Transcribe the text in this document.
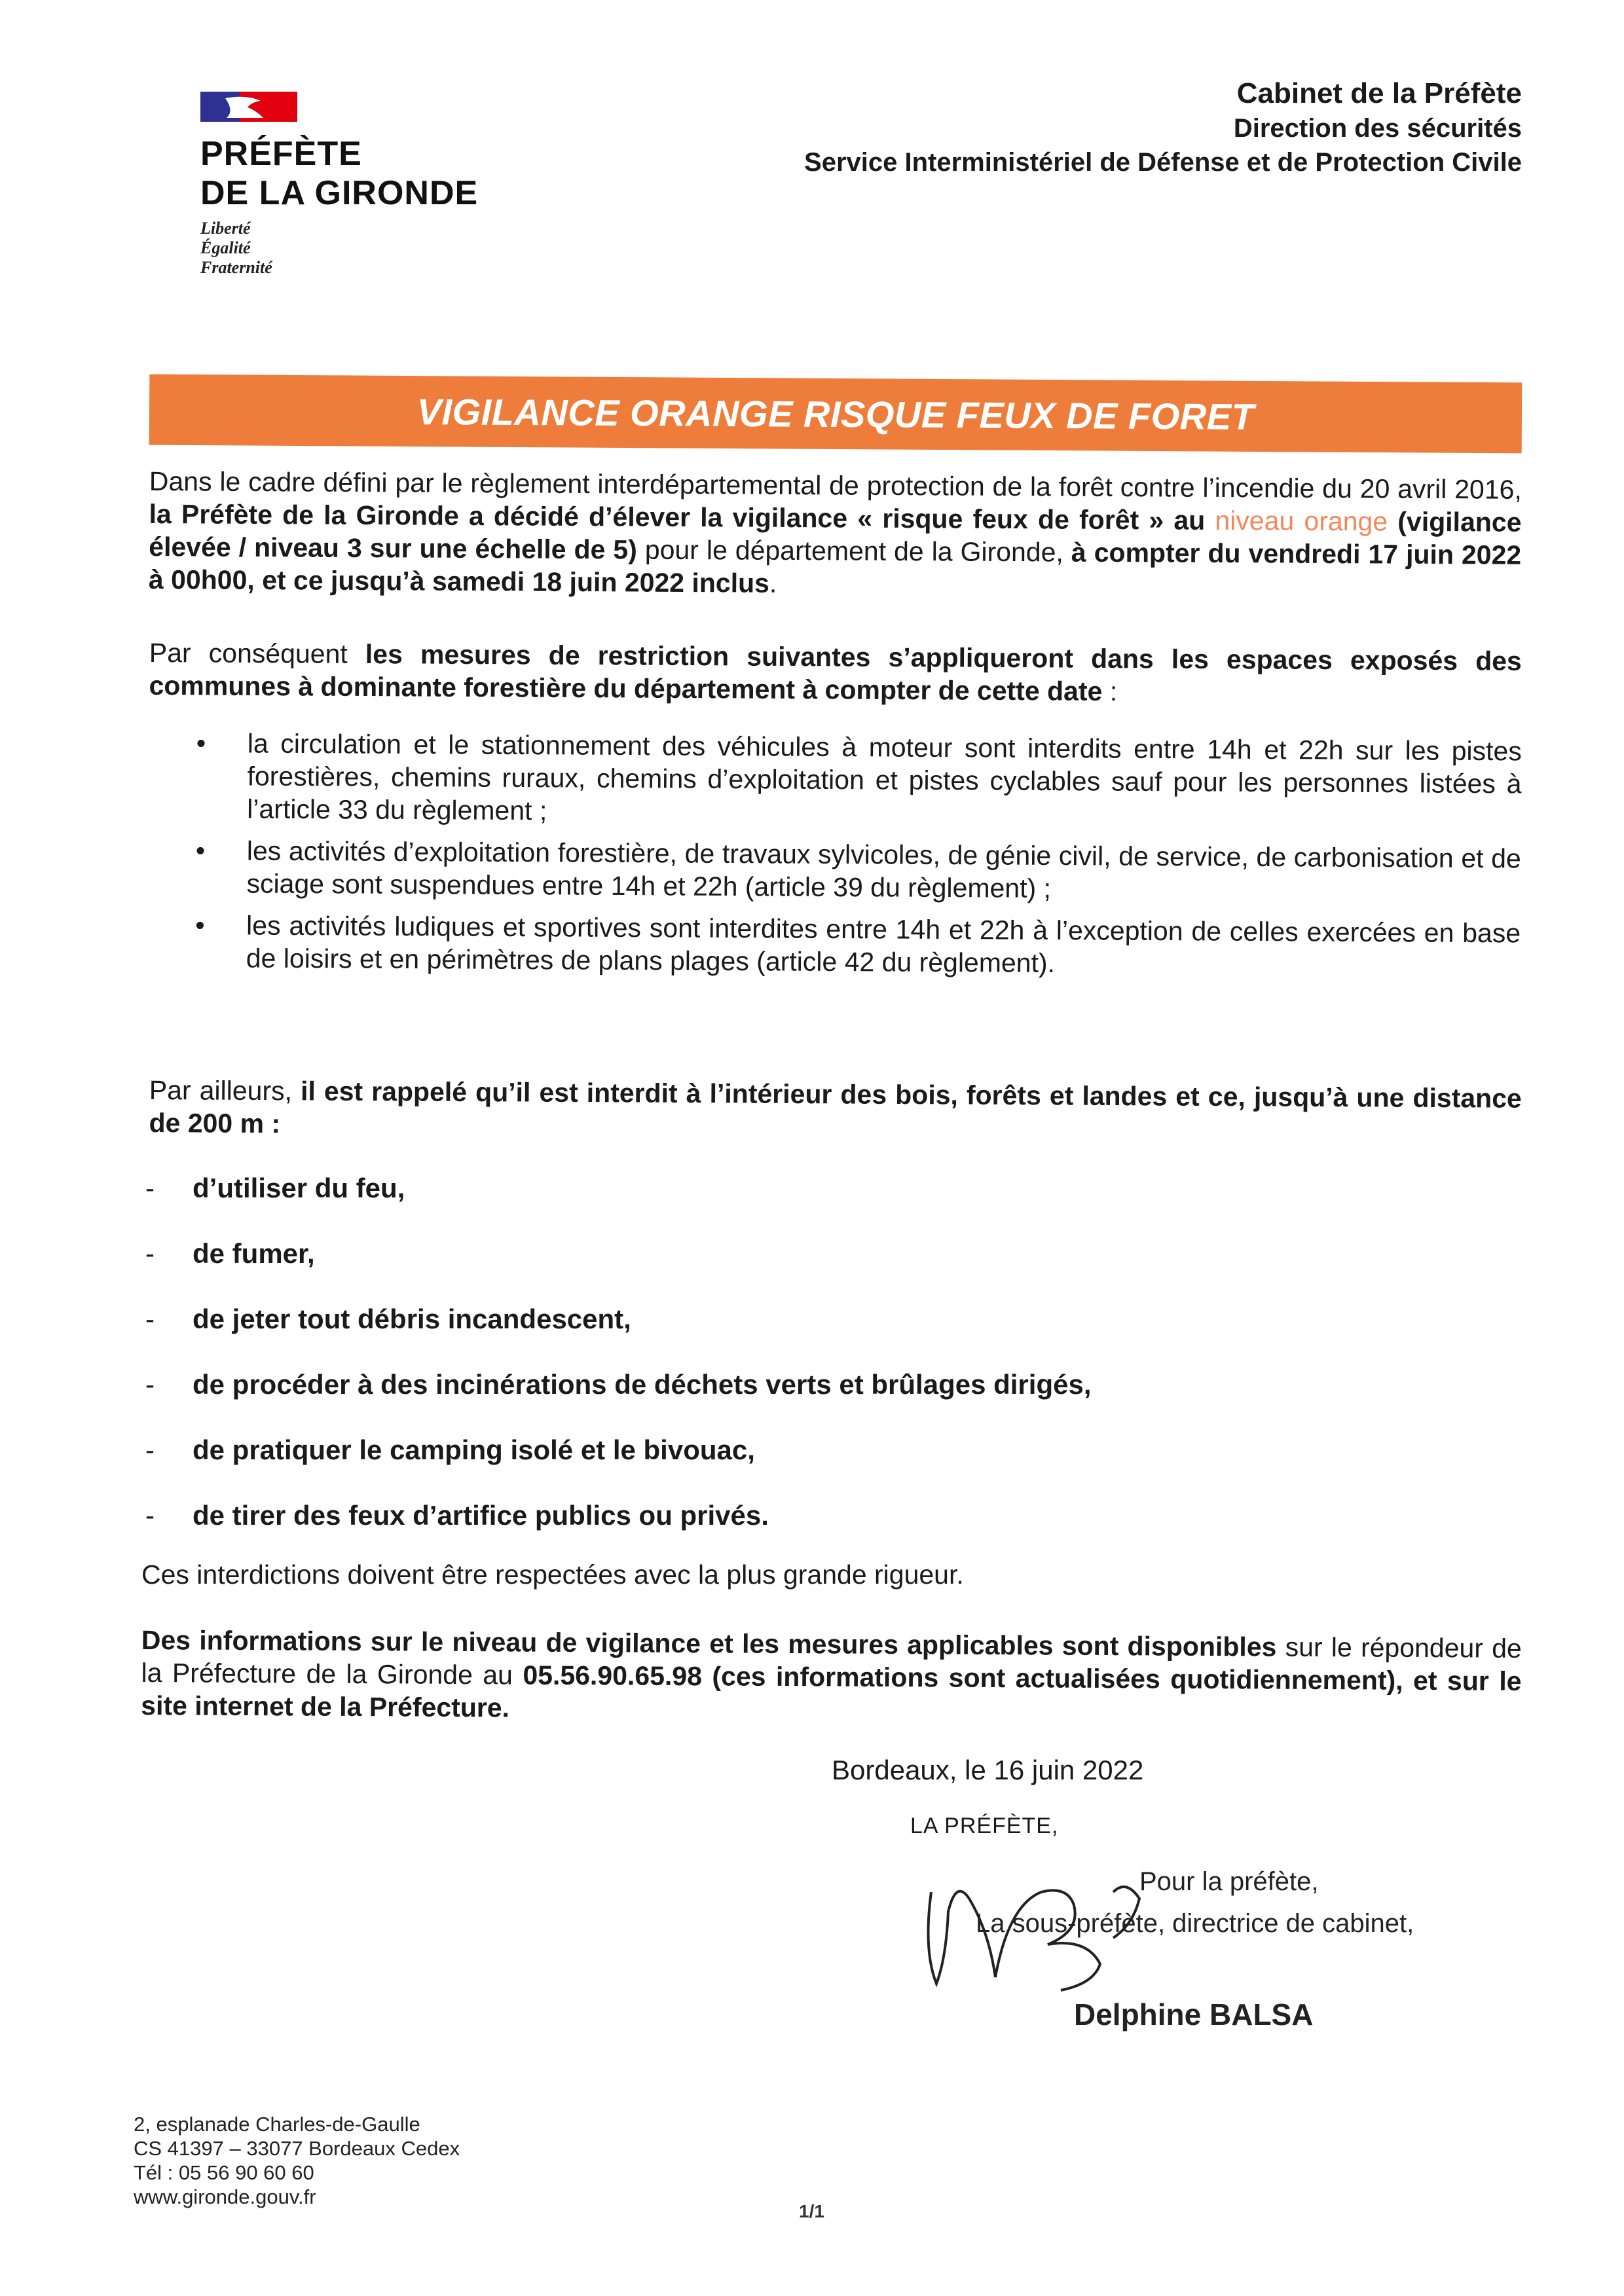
PRÉFÈTE
DE LA GIRONDE
Liberté
Égalité
Fraternité
Cabinet de la Préfète
Direction des sécurités
Service Interministériel de Défense et de Protection Civile
VIGILANCE ORANGE RISQUE FEUX DE FORET
Dans le cadre défini par le règlement interdépartemental de protection de la forêt contre l’incendie du 20 avril 2016, la Préfète de la Gironde a décidé d’élever la vigilance « risque feux de forêt » au niveau orange (vigilance élevée / niveau 3 sur une échelle de 5) pour le département de la Gironde, à compter du vendredi 17 juin 2022 à 00h00, et ce jusqu’à samedi 18 juin 2022 inclus.
Par conséquent les mesures de restriction suivantes s’appliqueront dans les espaces exposés des communes à dominante forestière du département à compter de cette date :
• la circulation et le stationnement des véhicules à moteur sont interdits entre 14h et 22h sur les pistes forestières, chemins ruraux, chemins d’exploitation et pistes cyclables sauf pour les personnes listées à l’article 33 du règlement ;
• les activités d’exploitation forestière, de travaux sylvicoles, de génie civil, de service, de carbonisation et de sciage sont suspendues entre 14h et 22h (article 39 du règlement) ;
• les activités ludiques et sportives sont interdites entre 14h et 22h à l’exception de celles exercées en base de loisirs et en périmètres de plans plages (article 42 du règlement).
Par ailleurs, il est rappelé qu’il est interdit à l’intérieur des bois, forêts et landes et ce, jusqu’à une distance de 200 m :
- d’utiliser du feu,
- de fumer,
- de jeter tout débris incandescent,
- de procéder à des incinérations de déchets verts et brûlages dirigés,
- de pratiquer le camping isolé et le bivouac,
- de tirer des feux d’artifice publics ou privés.
Ces interdictions doivent être respectées avec la plus grande rigueur.
Des informations sur le niveau de vigilance et les mesures applicables sont disponibles sur le répondeur de la Préfecture de la Gironde au 05.56.90.65.98 (ces informations sont actualisées quotidiennement), et sur le site internet de la Préfecture.
Bordeaux, le 16 juin 2022
LA PRÉFÈTE,
Pour la préfète,
La sous-préfète, directrice de cabinet,
Delphine BALSA
2, esplanade Charles-de-Gaulle
CS 41397 – 33077 Bordeaux Cedex
Tél : 05 56 90 60 60
www.gironde.gouv.fr
1/1
